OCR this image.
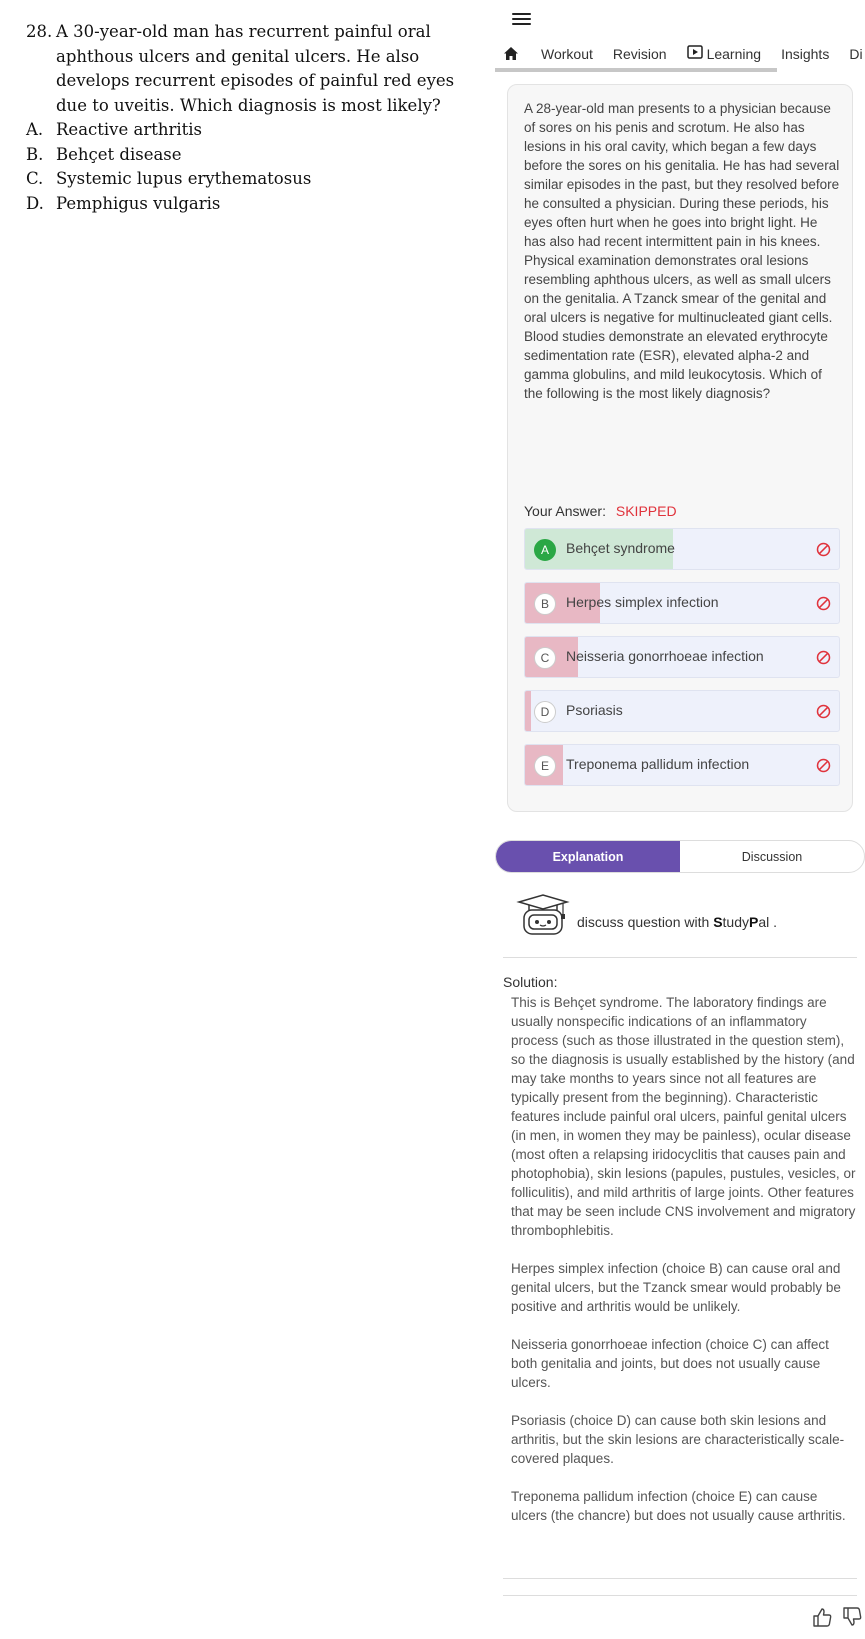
28. A 30-year-old man has recurrent painful oral aphthous ulcers and genital ulcers. He also develops recurrent episodes of painful red eyes due to uveitis. Which diagnosis is most likely?
A. Reactive arthritis
B. Behçet disease
C. Systemic lupus erythematosus
D. Pemphigus vulgaris
Workout Revision	Learning Insights Di
A 28-year-old man presents to a physician because of sores on his penis and scrotum. He also has lesions in his oral cavity, which began a few days before the sores on his genitalia. He has had several similar episodes in the past, but they resolved before he consulted a physician. During these periods, his eyes often hurt when he goes into bright light. He has also had recent intermittent pain in his knees. Physical examination demonstrates oral lesions resembling aphthous ulcers, as well as small ulcers on the genitalia. A Tzanck smear of the genital and oral ulcers is negative for multinucleated giant cells. Blood studies demonstrate an elevated erythrocyte sedimentation rate (ESR), elevated alpha-2 and gamma globulins, and mild leukocytosis. Which of the following is the most likely diagnosis?
Your Answer: SKIPPED
A	Behçet syndrome
B	Herpes simplex infection
C	Neisseria gonorrhoeae infection
D	Psoriasis
E	Treponema pallidum infection
Explanation	Discussion
discuss question with StudyPal .
Solution:

This is Behçet syndrome. The laboratory findings are usually nonspecific indications of an inflammatory process (such as those illustrated in the question stem), so the diagnosis is usually established by the history (and may take months to years since not all features are typically present from the beginning). Characteristic features include painful oral ulcers, painful genital ulcers (in men, in women they may be painless), ocular disease (most often a relapsing iridocyclitis that causes pain and photophobia), skin lesions (papules, pustules, vesicles, or folliculitis), and mild arthritis of large joints. Other features that may be seen include CNS involvement and migratory thrombophlebitis.

Herpes simplex infection (choice B) can cause oral and genital ulcers, but the Tzanck smear would probably be positive and arthritis would be unlikely.

Neisseria gonorrhoeae infection (choice C) can affect both genitalia and joints, but does not usually cause ulcers.

Psoriasis (choice D) can cause both skin lesions and arthritis, but the skin lesions are characteristically scale-covered plaques.

Treponema pallidum infection (choice E) can cause ulcers (the chancre) but does not usually cause arthritis.
